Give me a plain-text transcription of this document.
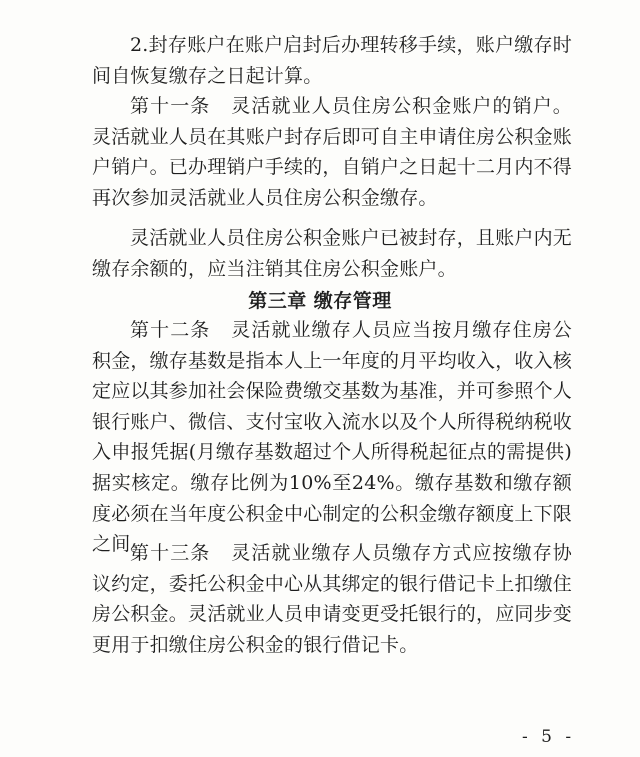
2.封存账户在账户启封后办理转移手续，账户缴存时间自恢复缴存之日起计算。

第十一条 灵活就业人员住房公积金账户的销户。灵活就业人员在其账户封存后即可自主申请住房公积金账户销户。已办理销户手续的，自销户之日起十二月内不得再次参加灵活就业人员住房公积金缴存。

灵活就业人员住房公积金账户已被封存，且账户内无缴存余额的，应当注销其住房公积金账户。

第三章 缴存管理

第十二条 灵活就业缴存人员应当按月缴存住房公积金，缴存基数是指本人上一年度的月平均收入，收入核定应以其参加社会保险费缴交基数为基准，并可参照个人银行账户、微信、支付宝收入流水以及个人所得税纳税收入申报凭据(月缴存基数超过个人所得税起征点的需提供)据实核定。缴存比例为10%至24%。缴存基数和缴存额度必须在当年度公积金中心制定的公积金缴存额度上下限之间。

第十三条 灵活就业缴存人员缴存方式应按缴存协议约定，委托公积金中心从其绑定的银行借记卡上扣缴住房公积金。灵活就业人员申请变更受托银行的，应同步变更用于扣缴住房公积金的银行借记卡。

- 5 -
